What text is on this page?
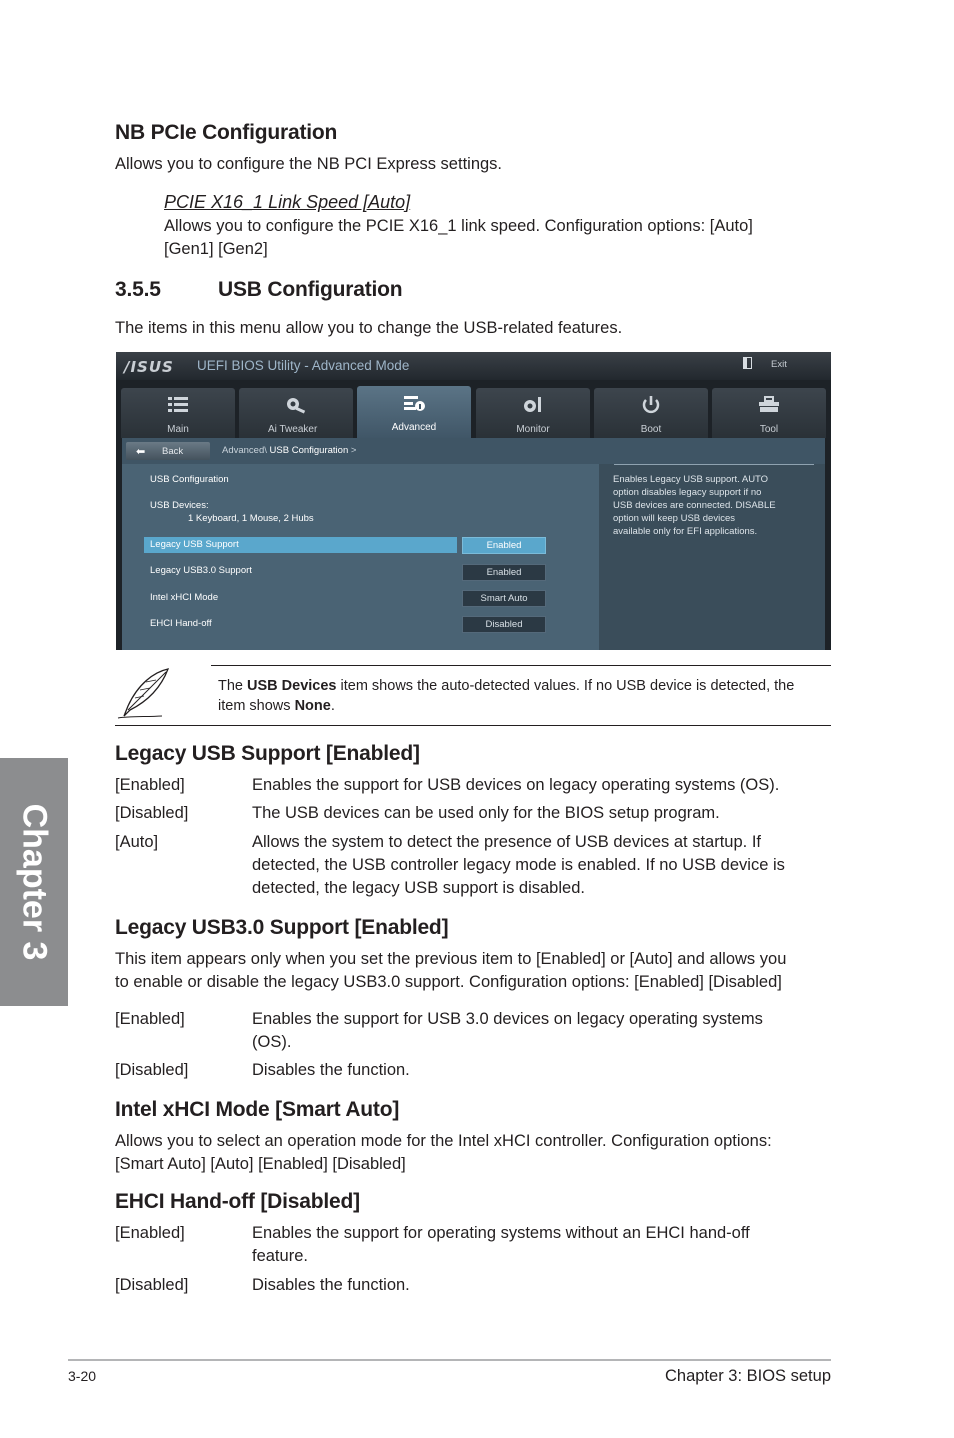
Chapter 3
NB PCIe Configuration
Allows you to configure the NB PCI Express settings.
PCIE X16_1 Link Speed [Auto]
Allows you to configure the PCIE X16_1 link speed. Configuration options: [Auto]
[Gen1] [Gen2]
3.5.5	USB Configuration
The items in this menu allow you to change the USB-related features.
/ISUS UEFI BIOS Utility - Advanced Mode	Exit
Main	Ai Tweaker	Advanced	Monitor	Boot	Tool
⬅ Back	Advanced\ USB Configuration >
USB Configuration
USB Devices:
1 Keyboard, 1 Mouse, 2 Hubs
Legacy USB Support	Enabled
Legacy USB3.0 Support	Enabled
Intel xHCI Mode	Smart Auto
EHCI Hand-off	Disabled
Enables Legacy USB support. AUTO
option disables legacy support if no
USB devices are connected. DISABLE
option will keep USB devices
available only for EFI applications.
The USB Devices item shows the auto-detected values. If no USB device is detected, the
item shows None.
Legacy USB Support [Enabled]
[Enabled]	Enables the support for USB devices on legacy operating systems (OS).
[Disabled]	The USB devices can be used only for the BIOS setup program.
[Auto]	Allows the system to detect the presence of USB devices at startup. If detected, the USB controller legacy mode is enabled. If no USB device is detected, the legacy USB support is disabled.
Legacy USB3.0 Support [Enabled]
This item appears only when you set the previous item to [Enabled] or [Auto] and allows you
to enable or disable the legacy USB3.0 support. Configuration options: [Enabled] [Disabled]
[Enabled]	Enables the support for USB 3.0 devices on legacy operating systems (OS).
[Disabled]	Disables the function.
Intel xHCI Mode [Smart Auto]
Allows you to select an operation mode for the Intel xHCI controller. Configuration options:
[Smart Auto] [Auto] [Enabled] [Disabled]
EHCI Hand-off [Disabled]
[Enabled]	Enables the support for operating systems without an EHCI hand-off feature.
[Disabled]	Disables the function.
3-20	Chapter 3: BIOS setup
